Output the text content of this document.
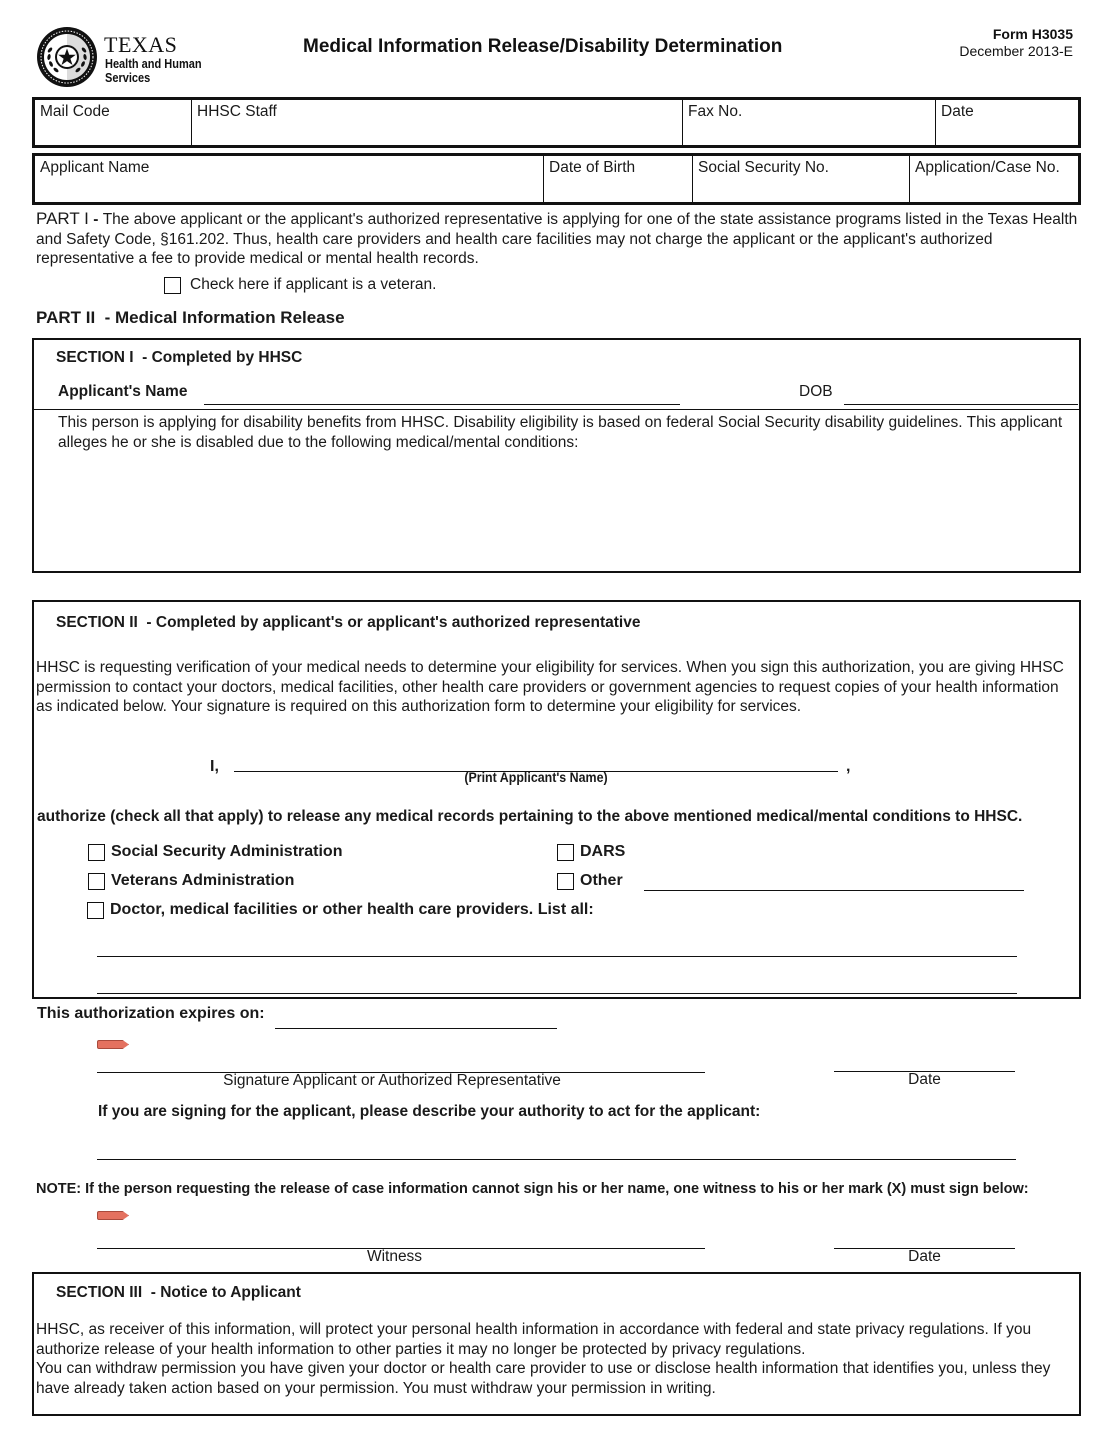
TEXAS
Health and Human
Services
Medical Information Release/Disability Determination
Form H3035
December 2013-E
Mail Code	HHSC Staff	Fax No.	Date
Applicant Name	Date of Birth	Social Security No.	Application/Case No.
PART I - The above applicant or the applicant's authorized representative is applying for one of the state assistance programs listed in the Texas Health and Safety Code, §161.202. Thus, health care providers and health care facilities may not charge the applicant or the applicant's authorized representative a fee to provide medical or mental health records.
Check here if applicant is a veteran.
PART II  - Medical Information Release
SECTION I  - Completed by HHSC
Applicant's Name	DOB
This person is applying for disability benefits from HHSC. Disability eligibility is based on federal Social Security disability guidelines. This applicant alleges he or she is disabled due to the following medical/mental conditions:
SECTION II  - Completed by applicant's or applicant's authorized representative
HHSC is requesting verification of your medical needs to determine your eligibility for services. When you sign this authorization, you are giving HHSC permission to contact your doctors, medical facilities, other health care providers or government agencies to request copies of your health information as indicated below. Your signature is required on this authorization form to determine your eligibility for services.
I,	,
(Print Applicant's Name)
authorize (check all that apply) to release any medical records pertaining to the above mentioned medical/mental conditions to HHSC.
Social Security Administration
Veterans Administration
Doctor, medical facilities or other health care providers. List all:
DARS
Other
This authorization expires on:
Signature Applicant or Authorized Representative	Date
If you are signing for the applicant, please describe your authority to act for the applicant:
NOTE: If the person requesting the release of case information cannot sign his or her name, one witness to his or her mark (X) must sign below:
Witness	Date
SECTION III  - Notice to Applicant
HHSC, as receiver of this information, will protect your personal health information in accordance with federal and state privacy regulations. If you authorize release of your health information to other parties it may no longer be protected by privacy regulations.
You can withdraw permission you have given your doctor or health care provider to use or disclose health information that identifies you, unless they have already taken action based on your permission. You must withdraw your permission in writing.
